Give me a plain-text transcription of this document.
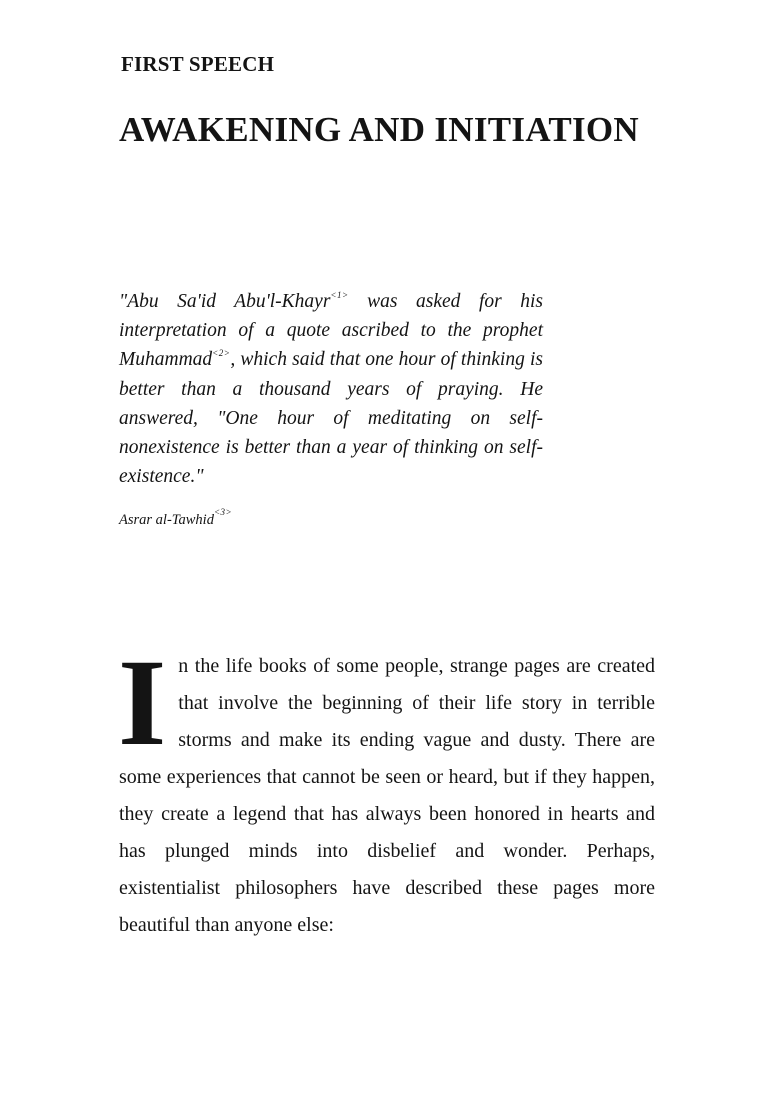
FIRST SPEECH
AWAKENING AND INITIATION

"Abu Sa'id Abu'l-Khayr$^{<1>}$ was asked for his interpretation of a quote ascribed to the prophet Muhammad$^{<2>}$, which said that one hour of thinking is better than a thousand years of praying. He answered, "One hour of meditating on self-nonexistence is better than a year of thinking on self-existence."

Asrar al-Tawhid$^{<3>}$

In the life books of some people, strange pages are created that involve the beginning of their life story in terrible storms and make its ending vague and dusty. There are some experiences that cannot be seen or heard, but if they happen, they create a legend that has always been honored in hearts and has plunged minds into disbelief and wonder. Perhaps, existentialist philosophers have described these pages more beautiful than anyone else:
